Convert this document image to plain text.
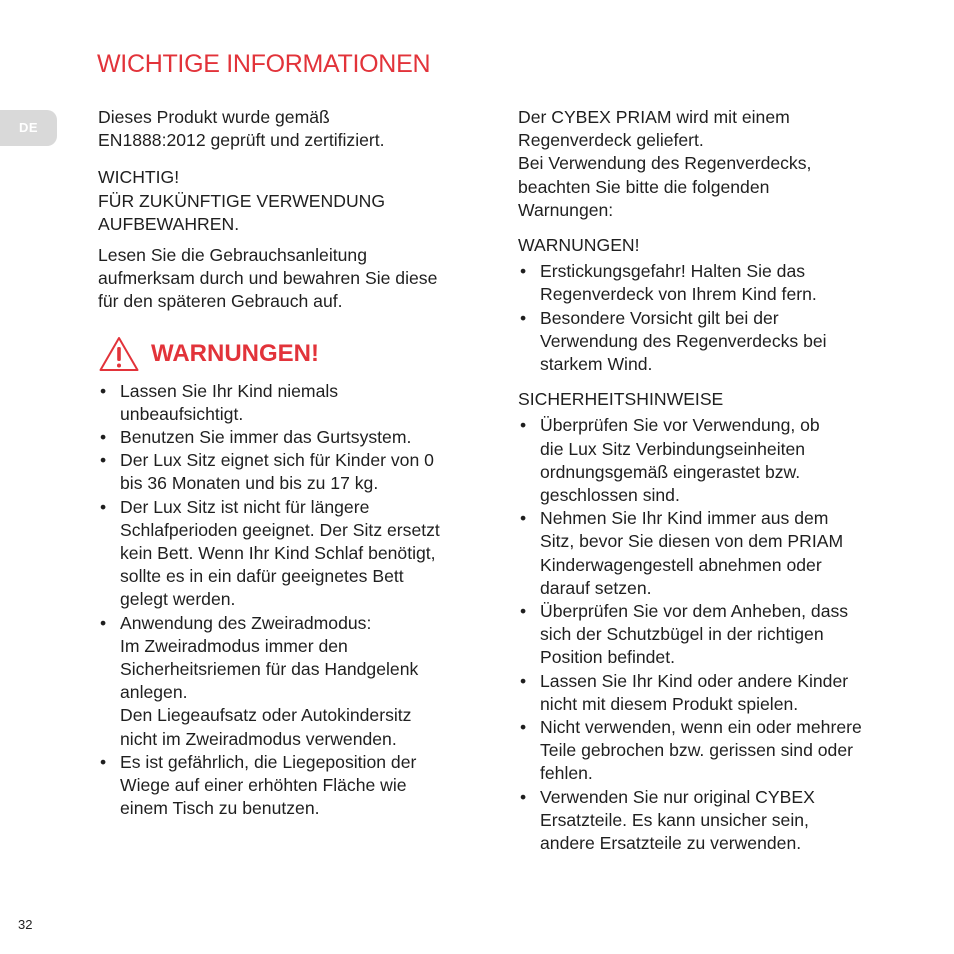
WICHTIGE INFORMATIONEN
DE

Dieses Produkt wurde gemäß
EN1888:2012 geprüft und zertifiziert.

WICHTIG!
FÜR ZUKÜNFTIGE VERWENDUNG
AUFBEWAHREN.

Lesen Sie die Gebrauchsanleitung
aufmerksam durch und bewahren Sie diese
für den späteren Gebrauch auf.

WARNUNGEN!
• Lassen Sie Ihr Kind niemals
unbeaufsichtigt.
• Benutzen Sie immer das Gurtsystem.
• Der Lux Sitz eignet sich für Kinder von 0
bis 36 Monaten und bis zu 17 kg.
• Der Lux Sitz ist nicht für längere
Schlafperioden geeignet. Der Sitz ersetzt
kein Bett. Wenn Ihr Kind Schlaf benötigt,
sollte es in ein dafür geeignetes Bett
gelegt werden.
• Anwendung des Zweiradmodus:
Im Zweiradmodus immer den
Sicherheitsriemen für das Handgelenk
anlegen.
Den Liegeaufsatz oder Autokindersitz
nicht im Zweiradmodus verwenden.
• Es ist gefährlich, die Liegeposition der
Wiege auf einer erhöhten Fläche wie
einem Tisch zu benutzen.

Der CYBEX PRIAM wird mit einem
Regenverdeck geliefert.
Bei Verwendung des Regenverdecks,
beachten Sie bitte die folgenden
Warnungen:

WARNUNGEN!

• Erstickungsgefahr! Halten Sie das
Regenverdeck von Ihrem Kind fern.
• Besondere Vorsicht gilt bei der
Verwendung des Regenverdecks bei
starkem Wind.

SICHERHEITSHINWEISE

• Überprüfen Sie vor Verwendung, ob
die Lux Sitz Verbindungseinheiten
ordnungsgemäß eingerastet bzw.
geschlossen sind.
• Nehmen Sie Ihr Kind immer aus dem
Sitz, bevor Sie diesen von dem PRIAM
Kinderwagengestell abnehmen oder
darauf setzen.
• Überprüfen Sie vor dem Anheben, dass
sich der Schutzbügel in der richtigen
Position befindet.
• Lassen Sie Ihr Kind oder andere Kinder
nicht mit diesem Produkt spielen.
• Nicht verwenden, wenn ein oder mehrere
Teile gebrochen bzw. gerissen sind oder
fehlen.
• Verwenden Sie nur original CYBEX
Ersatzteile. Es kann unsicher sein,
andere Ersatzteile zu verwenden.
32
